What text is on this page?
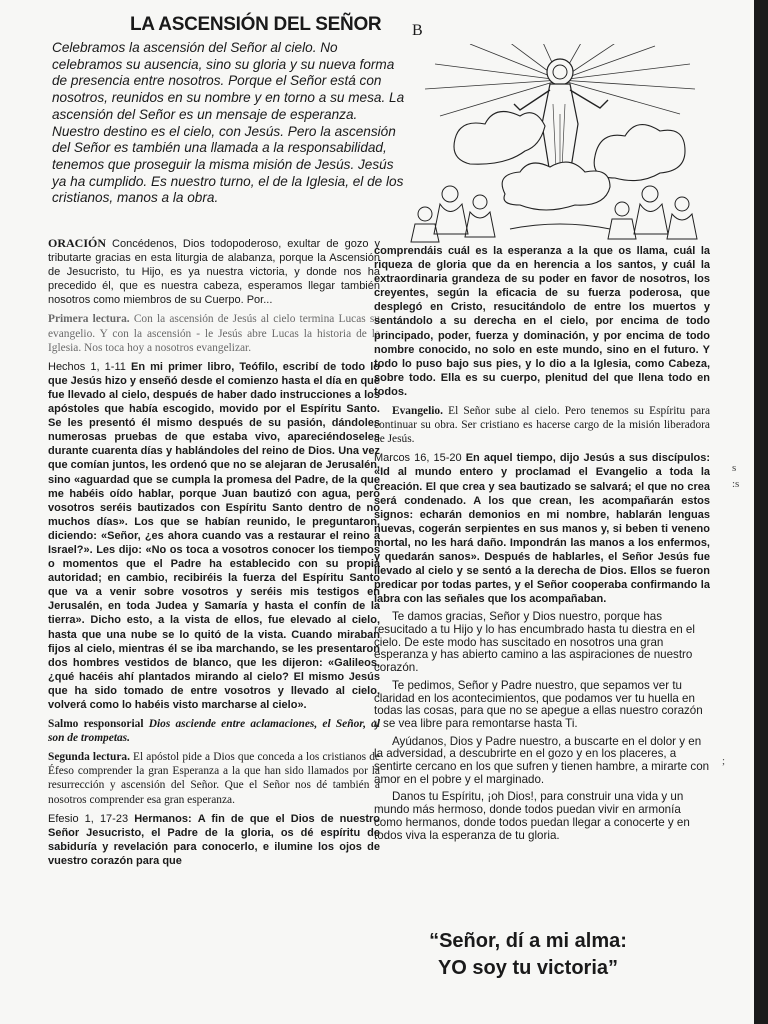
LA ASCENSIÓN DEL SEÑOR	B

Celebramos la ascensión del Señor al cielo. No celebramos su ausencia, sino su gloria y su nueva forma de presencia entre nosotros. Porque el Señor está con nosotros, reunidos en su nombre y en torno a su mesa. La ascensión del Señor es un mensaje de esperanza. Nuestro destino es el cielo, con Jesús. Pero la ascensión del Señor es también una llamada a la responsabilidad, tenemos que proseguir la misma misión de Jesús. Jesús ya ha cumplido. Es nuestro turno, el de la Iglesia, el de los cristianos, manos a la obra.

ORACIÓN Concédenos, Dios todopoderoso, exultar de gozo y tributarte gracias en esta liturgia de alabanza, porque la Ascensión de Jesucristo, tu Hijo, es ya nuestra victoria, y donde nos ha precedido él, que es nuestra cabeza, esperamos llegar también nosotros como miembros de su Cuerpo. Por...

Primera lectura. Con la ascensión de Jesús al cielo termina Lucas su evangelio. Y con la ascensión - le Jesús abre Lucas la historia de la Iglesia. Nos toca hoy a nosotros evangelizar.

Hechos 1, 1-11 En mi primer libro, Teófilo, escribí de todo lo que Jesús hizo y enseñó desde el comienzo hasta el día en que fue llevado al cielo, después de haber dado instrucciones a los apóstoles que había escogido, movido por el Espíritu Santo. Se les presentó él mismo después de su pasión, dándoles numerosas pruebas de que estaba vivo, apareciéndoseles durante cuarenta días y hablándoles del reino de Dios. Una vez que comían juntos, les ordenó que no se alejaran de Jerusalén, sino «aguardad que se cumpla la promesa del Padre, de la que me habéis oído hablar, porque Juan bautizó con agua, pero vosotros seréis bautizados con Espíritu Santo dentro de no muchos días». Los que se habían reunido, le preguntaron, diciendo: «Señor, ¿es ahora cuando vas a restaurar el reino a Israel?». Les dijo: «No os toca a vosotros conocer los tiempos o momentos que el Padre ha establecido con su propia autoridad; en cambio, recibiréis la fuerza del Espíritu Santo que va a venir sobre vosotros y seréis mis testigos en Jerusalén, en toda Judea y Samaría y hasta el confín de la tierra». Dicho esto, a la vista de ellos, fue elevado al cielo, hasta que una nube se lo quitó de la vista. Cuando miraban fijos al cielo, mientras él se iba marchando, se les presentaron dos hombres vestidos de blanco, que les dijeron: «Galileos, ¿qué hacéis ahí plantados mirando al cielo? El mismo Jesús que ha sido tomado de entre vosotros y llevado al cielo, volverá como lo habéis visto marcharse al cielo».

Salmo responsorial Dios asciende entre aclamaciones, el Señor, al son de trompetas.

Segunda lectura. El apóstol pide a Dios que conceda a los cristianos de Éfeso comprender la gran Esperanza a la que han sido llamados por la resurrección y ascensión del Señor. Que el Señor nos dé también a nosotros comprender esa gran esperanza.

Efesio 1, 17-23 Hermanos: A fin de que el Dios de nuestro Señor Jesucristo, el Padre de la gloria, os dé espíritu de sabiduría y revelación para conocerlo, e ilumine los ojos de vuestro corazón para que

comprendáis cuál es la esperanza a la que os llama, cuál la riqueza de gloria que da en herencia a los santos, y cuál la extraordinaria grandeza de su poder en favor de nosotros, los creyentes, según la eficacia de su fuerza poderosa, que desplegó en Cristo, resucitándolo de entre los muertos y sentándolo a su derecha en el cielo, por encima de todo principado, poder, fuerza y dominación, y por encima de todo nombre conocido, no solo en este mundo, sino en el futuro. Y todo lo puso bajo sus pies, y lo dio a la Iglesia, como Cabeza, sobre todo. Ella es su cuerpo, plenitud del que llena todo en todos.

Evangelio. El Señor sube al cielo. Pero tenemos su Espíritu para continuar su obra. Ser cristiano es hacerse cargo de la misión liberadora de Jesús.

Marcos 16, 15-20 En aquel tiempo, dijo Jesús a sus discípulos: «Id al mundo entero y proclamad el Evangelio a toda la creación. El que crea y sea bautizado se salvará; el que no crea será condenado. A los que crean, les acompañarán estos signos: echarán demonios en mi nombre, hablarán lenguas nuevas, cogerán serpientes en sus manos y, si beben ti veneno mortal, no les hará daño. Impondrán las manos a los enfermos, y quedarán sanos». Después de hablarles, el Señor Jesús fue llevado al cielo y se sentó a la derecha de Dios. Ellos se fueron predicar por todas partes, y el Señor cooperaba confirmando la labra con las señales que los acompañaban.

Te damos gracias, Señor y Dios nuestro, porque has resucitado a tu Hijo y lo has encumbrado hasta tu diestra en el cielo. De este modo has suscitado en nosotros una gran esperanza y has abierto camino a las aspiraciones de nuestro corazón.

Te pedimos, Señor y Padre nuestro, que sepamos ver tu claridad en los acontecimientos, que podamos ver tu huella en todas las cosas, para que no se apegue a ellas nuestro corazón y se vea libre para remontarse hasta Ti.

Ayúdanos, Dios y Padre nuestro, a buscarte en el dolor y en la adversidad, a descubrirte en el gozo y en los placeres, a sentirte cercano en los que sufren y tienen hambre, a mirarte con amor en el pobre y el marginado.

Danos tu Espíritu, ¡oh Dios!, para construir una vida y un mundo más hermoso, donde todos puedan vivir en armonía como hermanos, donde todos puedan llegar a conocerte y en todos viva la esperanza de tu gloria.

“Señor, dí a mi alma:
YO soy tu victoria”
s
:s
;
